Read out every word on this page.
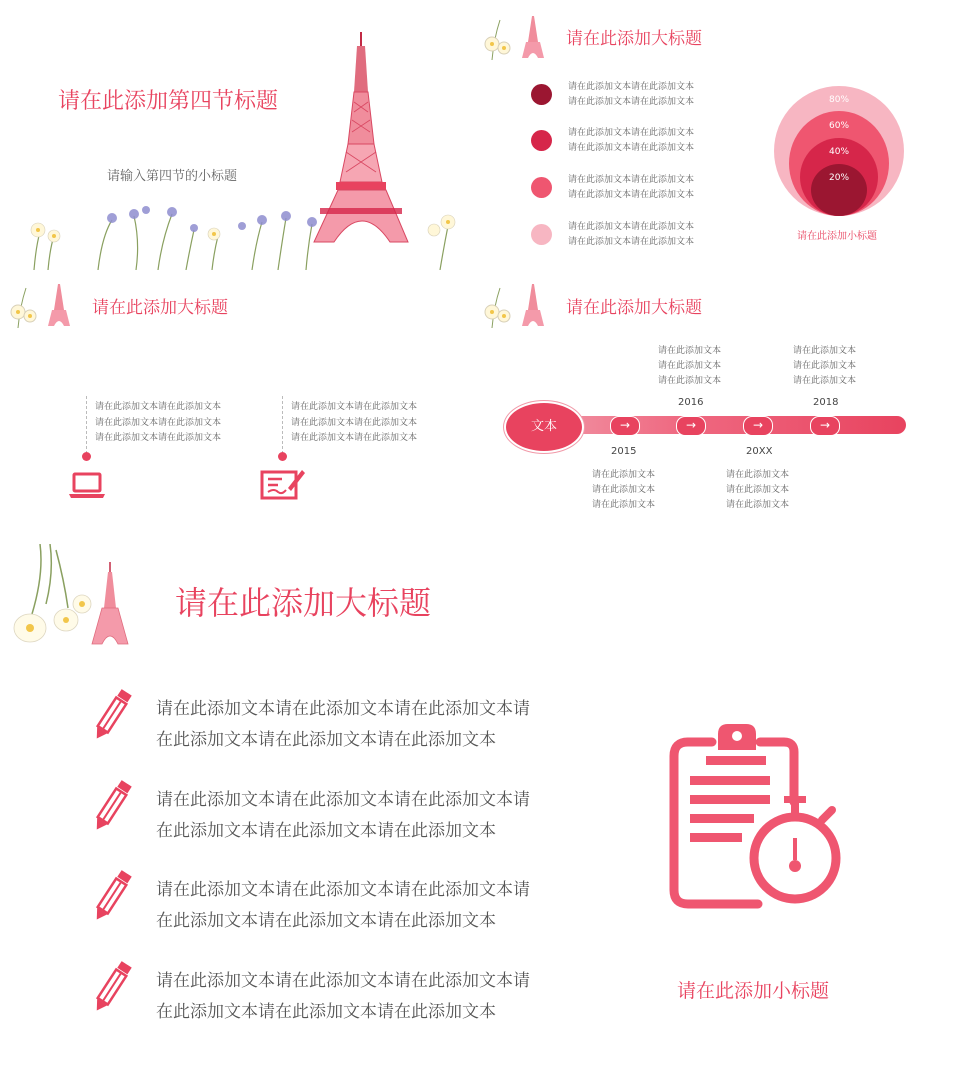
请在此添加第四节标题
请输入第四节的小标题
请在此添加大标题
请在此添加文本请在此添加文本
请在此添加文本请在此添加文本
请在此添加文本请在此添加文本
请在此添加文本请在此添加文本
请在此添加文本请在此添加文本
请在此添加文本请在此添加文本
请在此添加文本请在此添加文本
请在此添加文本请在此添加文本
80%
60%
40%
20%
请在此添加小标题
请在此添加大标题
请在此添加文本请在此添加文本
请在此添加文本请在此添加文本
请在此添加文本请在此添加文本
请在此添加文本请在此添加文本
请在此添加文本请在此添加文本
请在此添加文本请在此添加文本
请在此添加大标题
文本	→	→	→	→
2015
请在此添加文本
请在此添加文本
请在此添加文本
20XX
请在此添加文本
请在此添加文本
请在此添加文本
请在此添加文本
请在此添加文本
请在此添加文本
2016
请在此添加文本
请在此添加文本
请在此添加文本
2018
请在此添加大标题
请在此添加文本请在此添加文本请在此添加文本请
在此添加文本请在此添加文本请在此添加文本
请在此添加文本请在此添加文本请在此添加文本请
在此添加文本请在此添加文本请在此添加文本
请在此添加文本请在此添加文本请在此添加文本请
在此添加文本请在此添加文本请在此添加文本
请在此添加文本请在此添加文本请在此添加文本请
在此添加文本请在此添加文本请在此添加文本
请在此添加小标题
